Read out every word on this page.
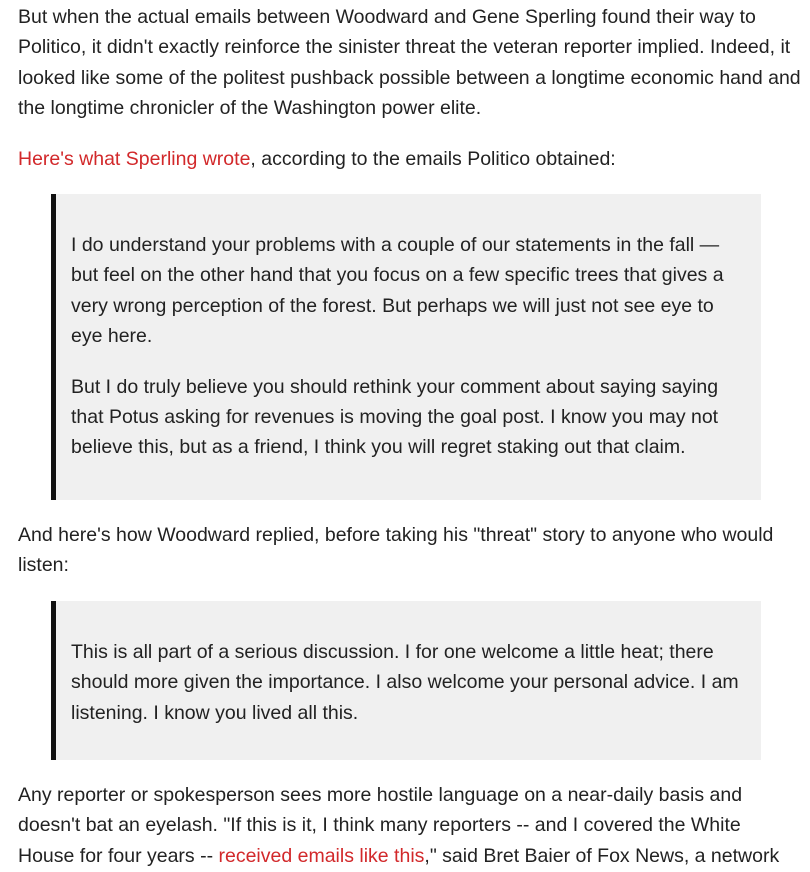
But when the actual emails between Woodward and Gene Sperling found their way to Politico, it didn't exactly reinforce the sinister threat the veteran reporter implied. Indeed, it looked like some of the politest pushback possible between a longtime economic hand and the longtime chronicler of the Washington power elite.

Here's what Sperling wrote, according to the emails Politico obtained:

I do understand your problems with a couple of our statements in the fall — but feel on the other hand that you focus on a few specific trees that gives a very wrong perception of the forest. But perhaps we will just not see eye to eye here.

But I do truly believe you should rethink your comment about saying saying that Potus asking for revenues is moving the goal post. I know you may not believe this, but as a friend, I think you will regret staking out that claim.

And here's how Woodward replied, before taking his "threat" story to anyone who would listen:

This is all part of a serious discussion. I for one welcome a little heat; there should more given the importance. I also welcome your personal advice. I am listening. I know you lived all this.

Any reporter or spokesperson sees more hostile language on a near-daily basis and doesn't bat an eyelash. "If this is it, I think many reporters -- and I covered the White House for four years -- received emails like this," said Bret Baier of Fox News, a network
